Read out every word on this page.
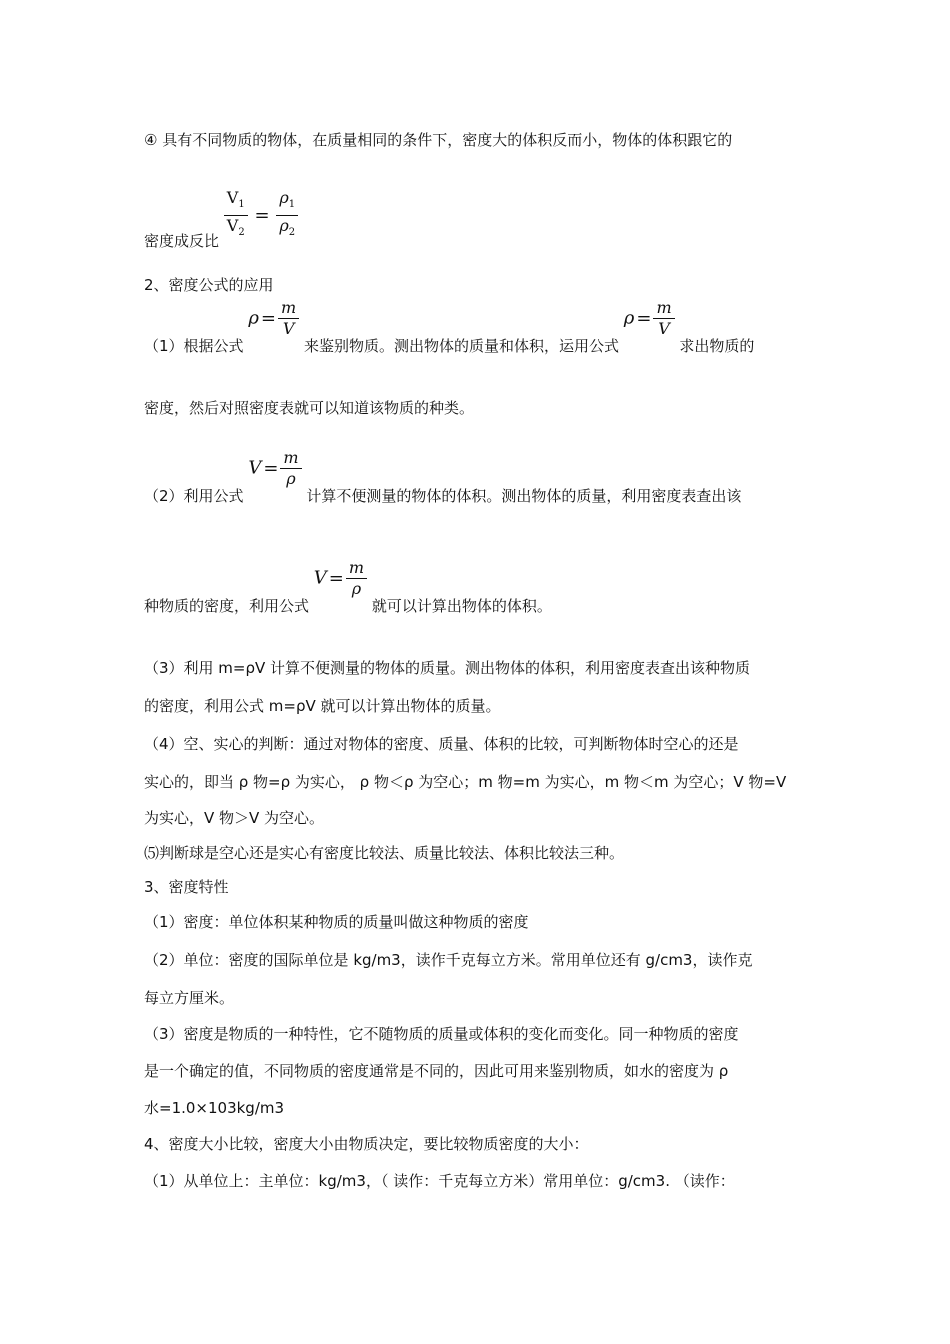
④ 具有不同物质的物体，在质量相同的条件下，密度大的体积反而小，物体的体积跟它的
密度成反比 $\frac{V_1}{V_2} = \frac{\rho_1}{\rho_2}$
2、密度公式的应用
（1）根据公式 $\rho = \frac{m}{V}$
来鉴别物质。测出物体的质量和体积，运用公式 $\rho = \frac{m}{V}$
求出物质的
密度，然后对照密度表就可以知道该物质的种类。
（2）利用公式 $V = \frac{m}{\rho}$
计算不便测量的物体的体积。测出物体的质量，利用密度表查出该
种物质的密度，利用公式 $V = \frac{m}{\rho}$
就可以计算出物体的体积。
（3）利用 m=ρV 计算不便测量的物体的质量。测出物体的体积，利用密度表查出该种物质
的密度，利用公式 m=ρV 就可以计算出物体的质量。
（4）空、实心的判断：通过对物体的密度、质量、体积的比较，可判断物体时空心的还是
实心的，即当 ρ 物=ρ 为实心， ρ 物＜ρ 为空心；m 物=m 为实心，m 物＜m 为空心；V 物=V
为实心，V 物＞V 为空心。
⑸判断球是空心还是实心有密度比较法、质量比较法、体积比较法三种。
3、密度特性
（1）密度：单位体积某种物质的质量叫做这种物质的密度
（2）单位：密度的国际单位是 kg/m3，读作千克每立方米。常用单位还有 g/cm3，读作克
每立方厘米。
（3）密度是物质的一种特性，它不随物质的质量或体积的变化而变化。同一种物质的密度
是一个确定的值，不同物质的密度通常是不同的，因此可用来鉴别物质，如水的密度为 ρ
水=1.0×103kg/m3
4、密度大小比较，密度大小由物质决定，要比较物质密度的大小：
（1）从单位上：主单位：kg/m3，（ 读作：千克每立方米）常用单位：g/cm3. （读作：
